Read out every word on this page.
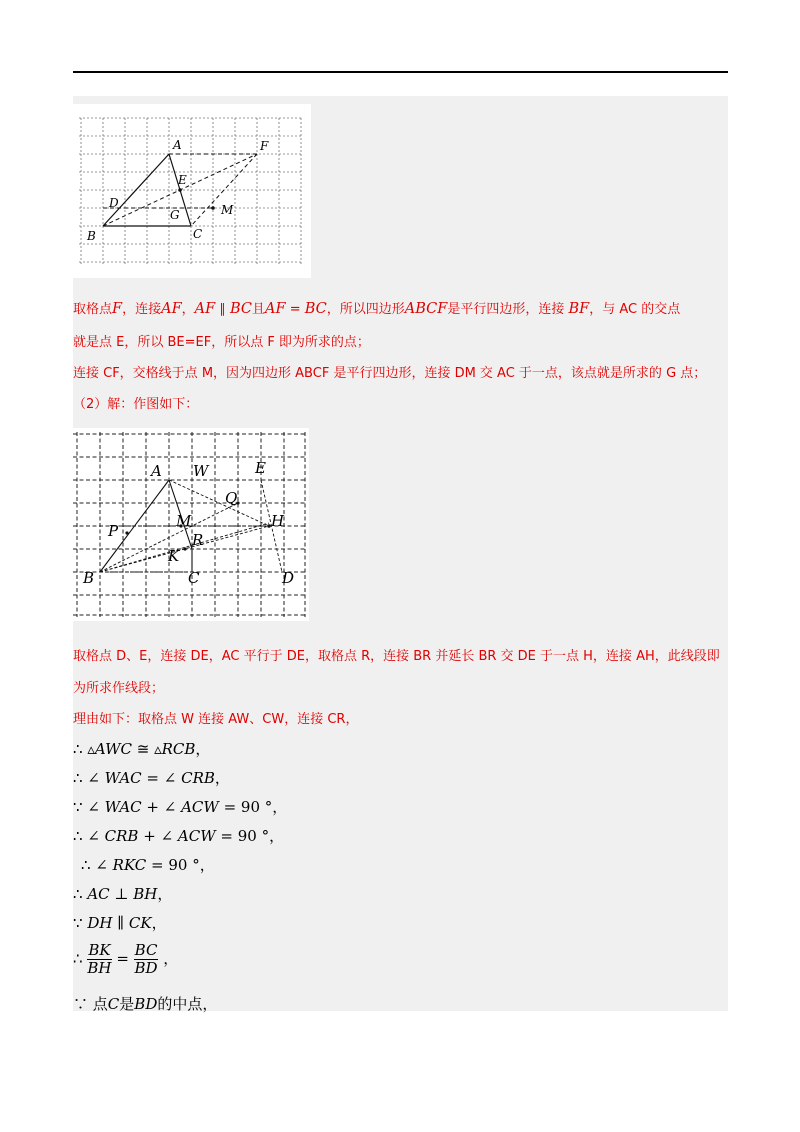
A	F
E
D
G	M
B	C
取格点F，连接AF，AF ∥ BC且AF = BC，所以四边形ABCF是平行四边形，连接 BF，与 AC 的交点
就是点 E，所以 BE=EF，所以点 F 即为所求的点；
连接 CF，交格线于点 M，因为四边形 ABCF 是平行四边形，连接 DM 交 AC 于一点，该点就是所求的 G 点；
（2）解：作图如下：
A W	E
Q
P
M	H
R
K
B	C	D
取格点 D、E，连接 DE，AC 平行于 DE，取格点 R，连接 BR 并延长 BR 交 DE 于一点 H，连接 AH，此线段即
为所求作线段；
理由如下：取格点 W 连接 AW、CW，连接 CR，
∴ ▵AWC ≅ ▵RCB，
∴ ∠ WAC = ∠ CRB，
∵ ∠ WAC + ∠ ACW = 90 °，
∴ ∠ CRB + ∠ ACW = 90 °，
∴ ∠ RKC = 90 °，
∴ AC ⊥ BH，
∵ DH ∥ CK，
∴ $\frac{BK}{BH} = \frac{BC}{BD}$ ，
∵ 点C是BD的中点，
